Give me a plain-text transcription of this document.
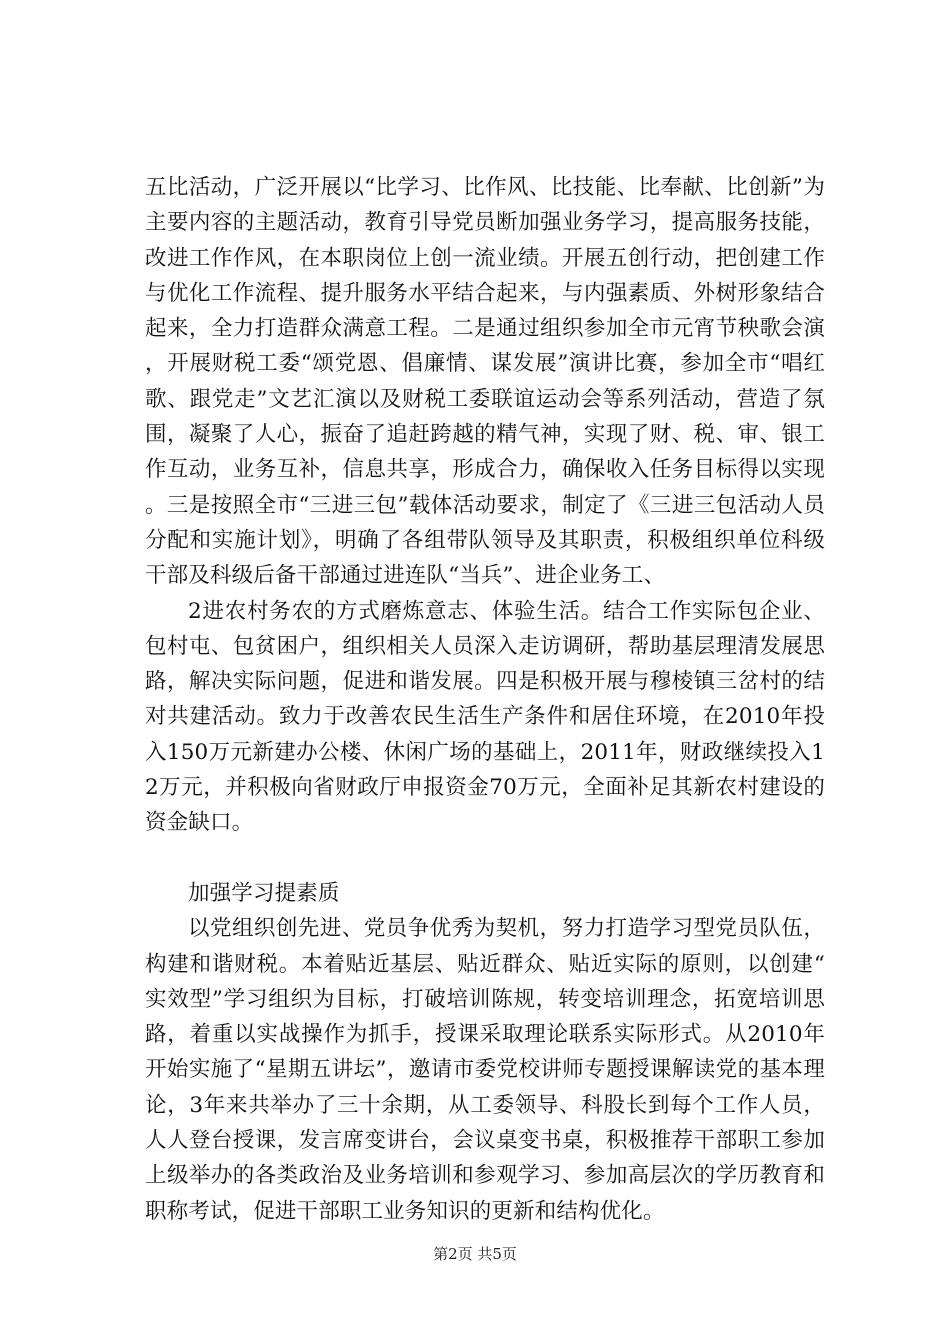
五比活动，广泛开展以“比学习、比作风、比技能、比奉献、比创新”为主要内容的主题活动，教育引导党员断加强业务学习，提高服务技能，改进工作作风，在本职岗位上创一流业绩。开展五创行动，把创建工作与优化工作流程、提升服务水平结合起来，与内强素质、外树形象结合起来，全力打造群众满意工程。二是通过组织参加全市元宵节秧歌会演，开展财税工委“颂党恩、倡廉情、谋发展”演讲比赛，参加全市“唱红歌、跟党走”文艺汇演以及财税工委联谊运动会等系列活动，营造了氛围，凝聚了人心，振奋了追赶跨越的精气神，实现了财、税、审、银工作互动，业务互补，信息共享，形成合力，确保收入任务目标得以实现。三是按照全市“三进三包”载体活动要求，制定了《三进三包活动人员分配和实施计划》，明确了各组带队领导及其职责，积极组织单位科级干部及科级后备干部通过进连队“当兵”、进企业务工、

2进农村务农的方式磨炼意志、体验生活。结合工作实际包企业、包村屯、包贫困户，组织相关人员深入走访调研，帮助基层理清发展思路，解决实际问题，促进和谐发展。四是积极开展与穆棱镇三岔村的结对共建活动。致力于改善农民生活生产条件和居住环境，在2010年投入150万元新建办公楼、休闲广场的基础上，2011年，财政继续投入12万元，并积极向省财政厅申报资金70万元，全面补足其新农村建设的资金缺口。

加强学习提素质

以党组织创先进、党员争优秀为契机，努力打造学习型党员队伍，构建和谐财税。本着贴近基层、贴近群众、贴近实际的原则，以创建“实效型”学习组织为目标，打破培训陈规，转变培训理念，拓宽培训思路，着重以实战操作为抓手，授课采取理论联系实际形式。从2010年开始实施了“星期五讲坛”，邀请市委党校讲师专题授课解读党的基本理论，3年来共举办了三十余期，从工委领导、科股长到每个工作人员，人人登台授课，发言席变讲台，会议桌变书桌，积极推荐干部职工参加上级举办的各类政治及业务培训和参观学习、参加高层次的学历教育和职称考试，促进干部职工业务知识的更新和结构优化。

第2页 共5页
